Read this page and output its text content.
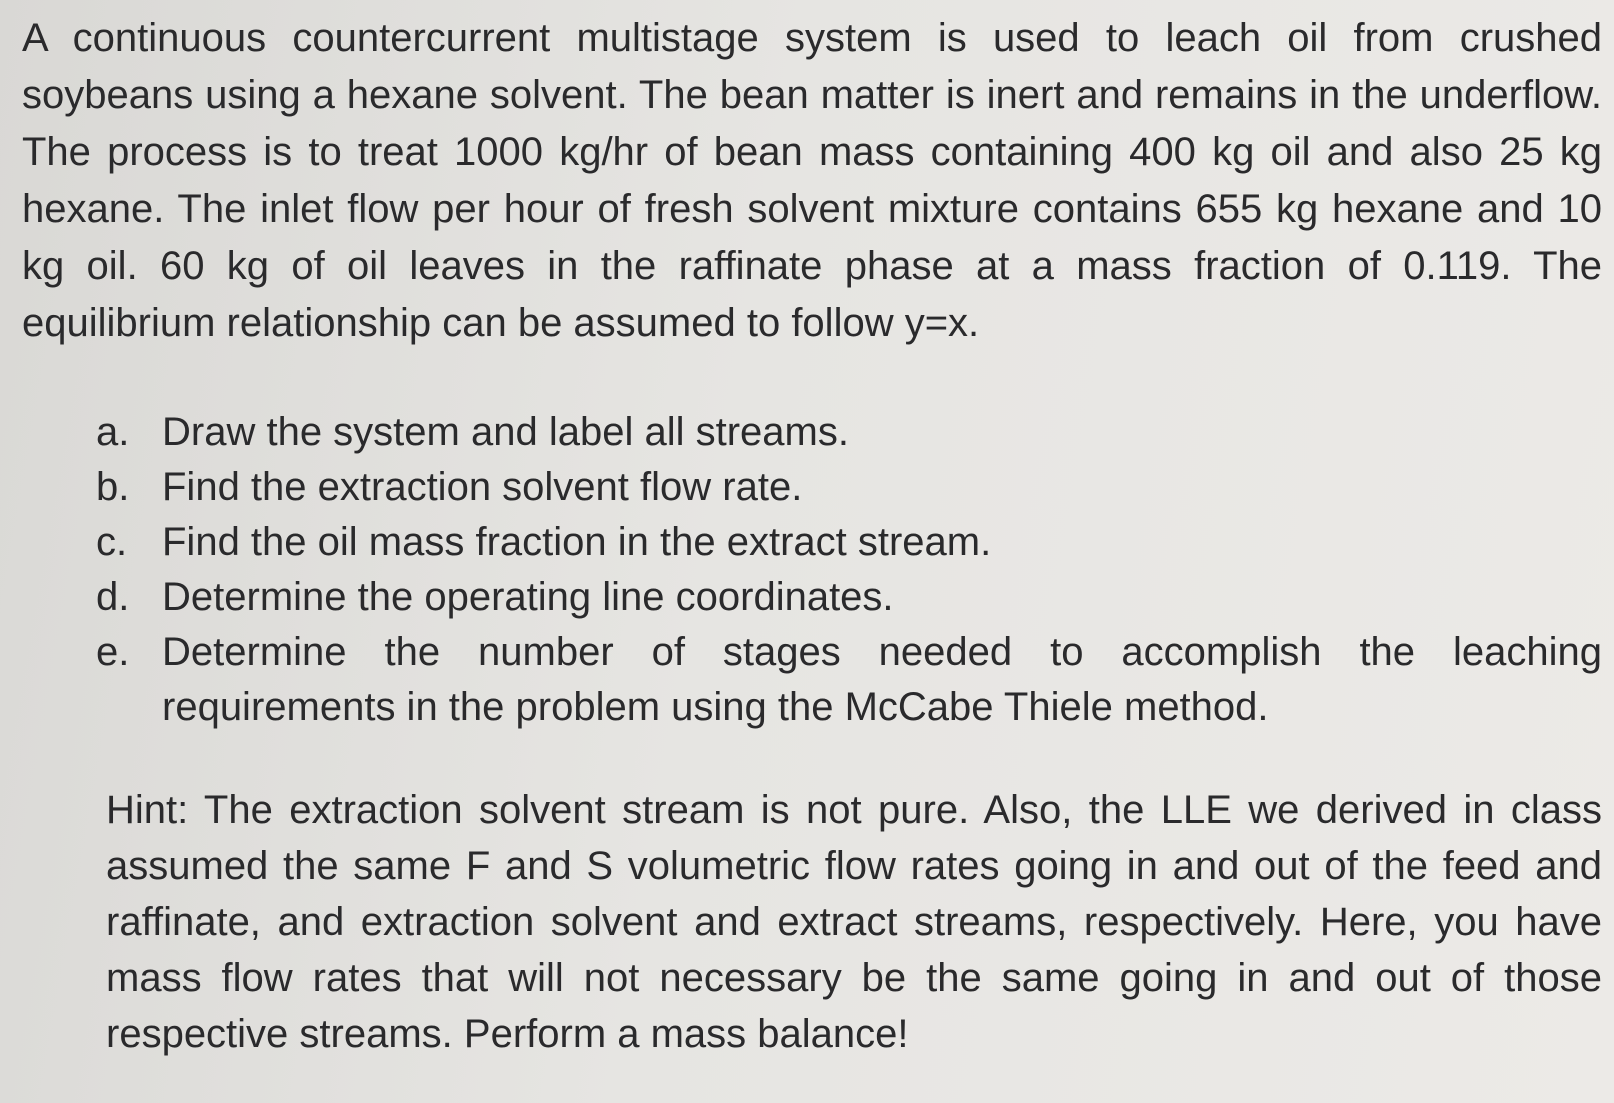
A continuous countercurrent multistage system is used to leach oil from crushed soybeans using a hexane solvent. The bean matter is inert and remains in the underflow. The process is to treat 1000 kg/hr of bean mass containing 400 kg oil and also 25 kg hexane. The inlet flow per hour of fresh solvent mixture contains 655 kg hexane and 10 kg oil. 60 kg of oil leaves in the raffinate phase at a mass fraction of 0.119. The equilibrium relationship can be assumed to follow y=x.

a. Draw the system and label all streams.
b. Find the extraction solvent flow rate.
c. Find the oil mass fraction in the extract stream.
d. Determine the operating line coordinates.
e. Determine the number of stages needed to accomplish the leaching requirements in the problem using the McCabe Thiele method.

Hint: The extraction solvent stream is not pure. Also, the LLE we derived in class assumed the same F and S volumetric flow rates going in and out of the feed and raffinate, and extraction solvent and extract streams, respectively. Here, you have mass flow rates that will not necessary be the same going in and out of those respective streams. Perform a mass balance!
